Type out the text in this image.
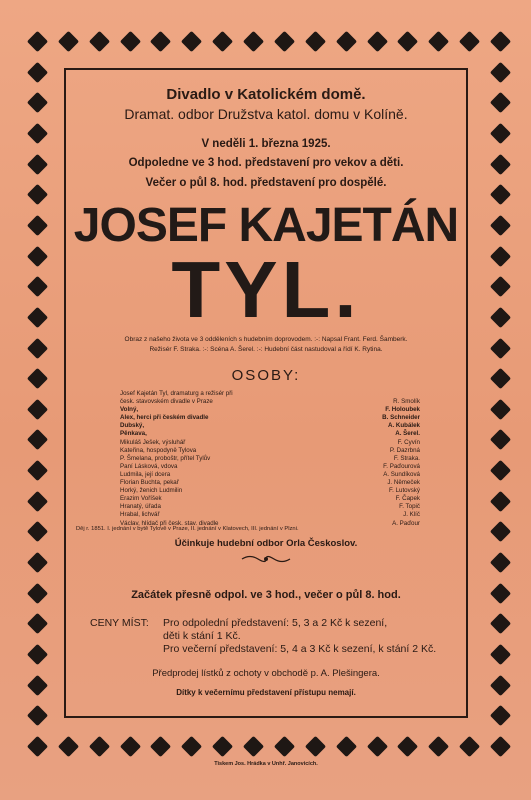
Divadlo v Katolickém domě.
Dramat. odbor Družstva katol. domu v Kolíně.
V neděli 1. března 1925.
Odpoledne ve 3 hod. představení pro vekov a děti.
Večer o půl 8. hod. představení pro dospělé.
JOSEF KAJETÁN
TYL.
Obraz z našeho života ve 3 odděleních s hudebním doprovodem. :-: Napsal Frant. Ferd. Šamberk.
Režisér F. Straka. :-: Scéna A. Šerel. :-: Hudební část nastudoval a řídí K. Rytina.
OSOBY:
Josef Kajetán Tyl, dramaturg a režisér při
česk. stavovském divadle v Praze	R. Smolík
Volný,	F. Holoubek
Alex, herci při českém divadle	B. Schneider
Dubský,	A. Kubálek
Pěnkava,	A. Šerel.
Mikuláš Ješek, výsluhář	F. Cyvín
Kateřina, hospodyně Tylova	P. Dazrbná
P. Šmelana, proboštr, přítel Tylův	F. Straka.
Paní Lásková, vdova	F. Paďourová
Ludmila, její dcera	A. Sundíková
Florian Buchta, pekař	J. Němeček
Horký, ženich Ludmilin	F. Lutovský
Erazim Voříšek	F. Čapek
Hranatý, úřada	F. Topič
Hrabal, lichvář	J. Klíč
Václav, hlídač při česk. stav. divadle	A. Paďour
Děj r. 1851. I. jednání v bytě Tylově v Praze, II. jednání v Klatovech, III. jednání v Plzni.
Účinkuje hudební odbor Orla Českoslov.
Začátek přesně odpol. ve 3 hod., večer o půl 8. hod.
CENY MÍST: Pro odpolední představení: 5, 3 a 2 Kč k sezení,
děti k stání 1 Kč.
Pro večerní představení: 5, 4 a 3 Kč k sezení, k stání 2 Kč.
Předprodej lístků z ochoty v obchodě p. A. Plešingera.
Dítky k večernímu představení přístupu nemají.
Tiskem Jos. Hrádka v Unhř. Janovicích.
